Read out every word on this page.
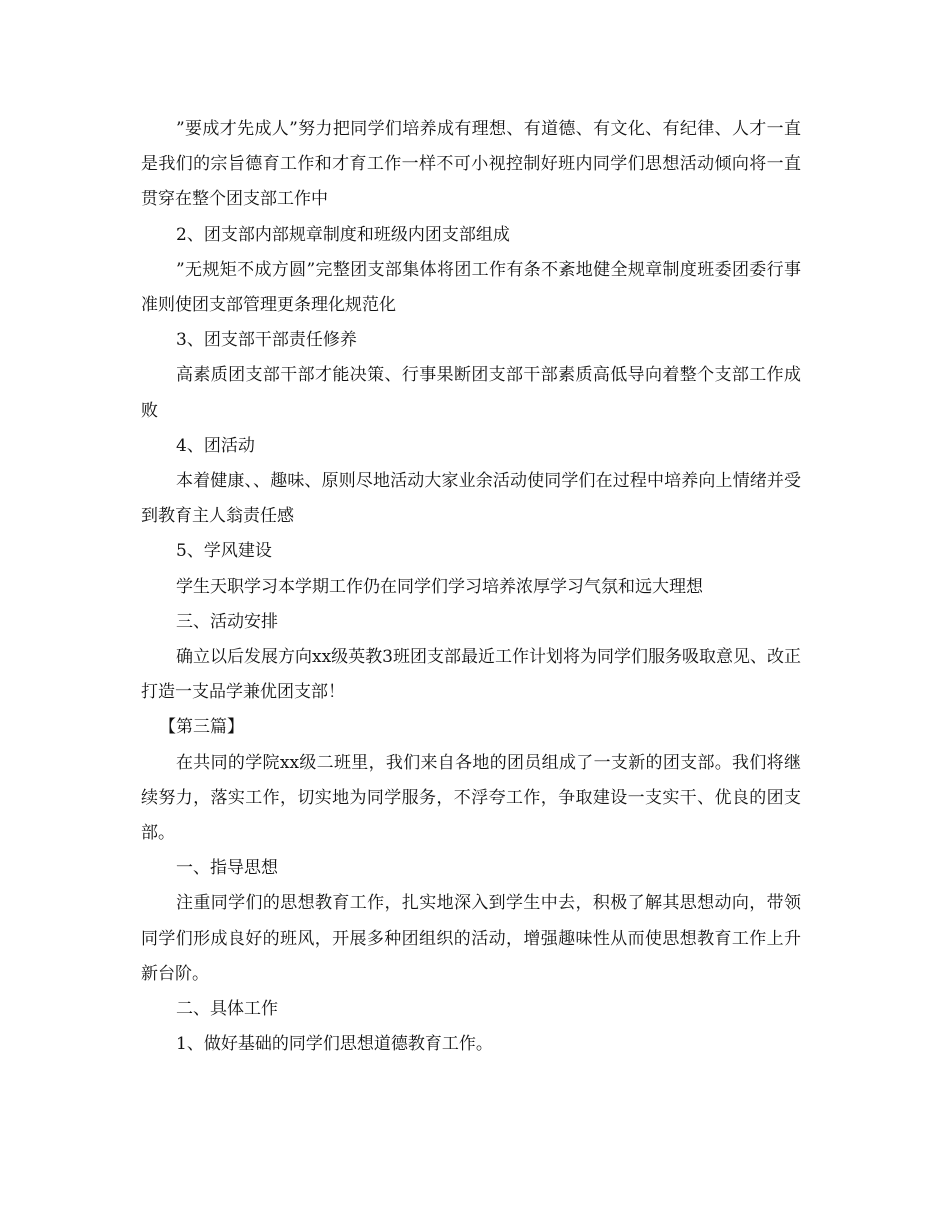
”要成才先成人”努力把同学们培养成有理想、有道德、有文化、有纪律、人才一直是我们的宗旨德育工作和才育工作一样不可小视控制好班内同学们思想活动倾向将一直贯穿在整个团支部工作中

2、团支部内部规章制度和班级内团支部组成

”无规矩不成方圆”完整团支部集体将团工作有条不紊地健全规章制度班委团委行事准则使团支部管理更条理化规范化

3、团支部干部责任修养

高素质团支部干部才能决策、行事果断团支部干部素质高低导向着整个支部工作成败

4、团活动

本着健康、、趣味、原则尽地活动大家业余活动使同学们在过程中培养向上情绪并受到教育主人翁责任感

5、学风建设

学生天职学习本学期工作仍在同学们学习培养浓厚学习气氛和远大理想

三、活动安排

确立以后发展方向xx级英教3班团支部最近工作计划将为同学们服务吸取意见、改正打造一支品学兼优团支部！

【第三篇】

在共同的学院xx级二班里，我们来自各地的团员组成了一支新的团支部。我们将继续努力，落实工作，切实地为同学服务，不浮夸工作，争取建设一支实干、优良的团支部。

一、指导思想

注重同学们的思想教育工作，扎实地深入到学生中去，积极了解其思想动向，带领同学们形成良好的班风，开展多种团组织的活动，增强趣味性从而使思想教育工作上升新台阶。

二、具体工作

1、做好基础的同学们思想道德教育工作。
